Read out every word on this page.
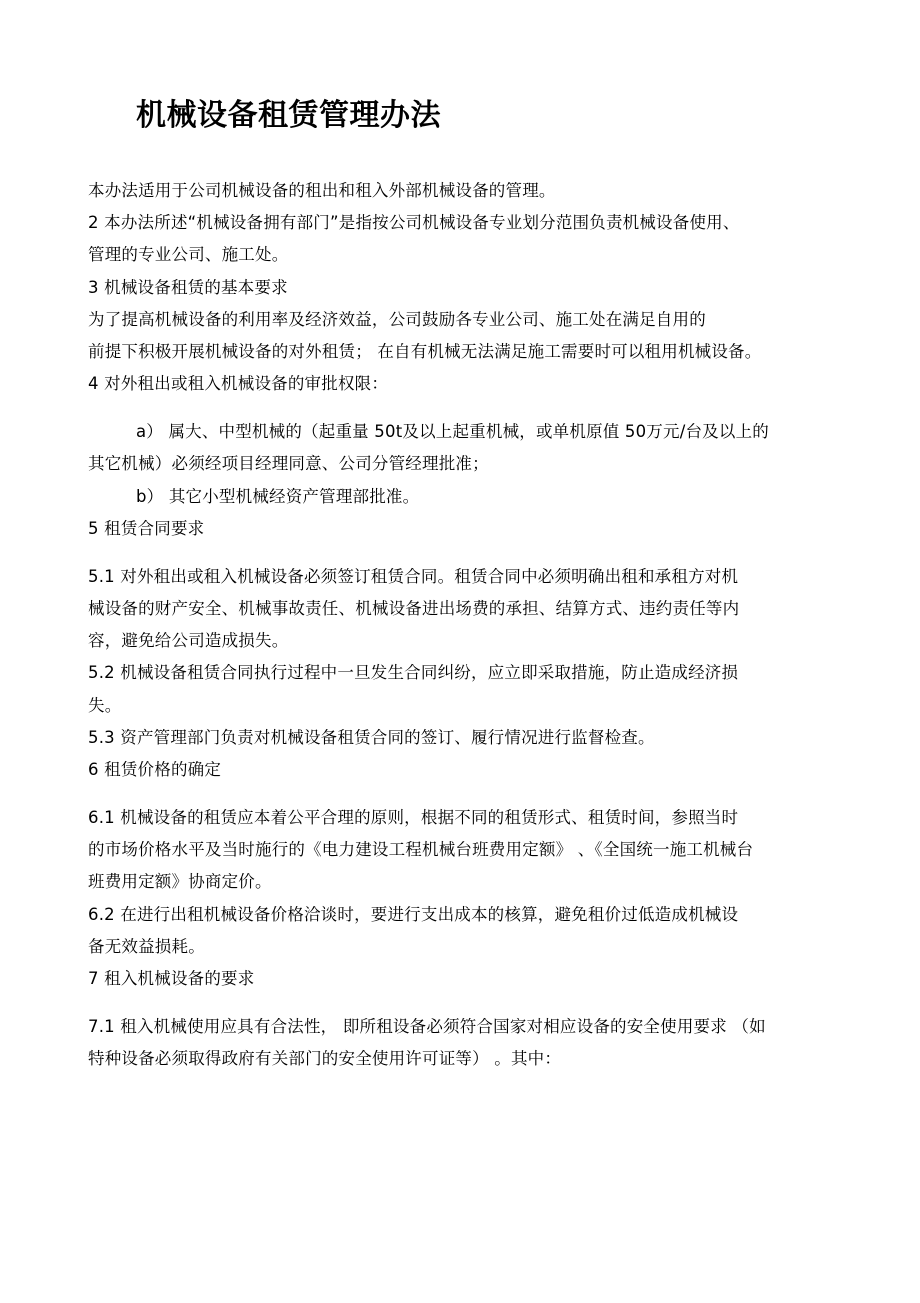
机械设备租赁管理办法

本办法适用于公司机械设备的租出和租入外部机械设备的管理。

2 本办法所述“机械设备拥有部门”是指按公司机械设备专业划分范围负责机械设备使用、

管理的专业公司、施工处。

3 机械设备租赁的基本要求

为了提高机械设备的利用率及经济效益，公司鼓励各专业公司、施工处在满足自用的

前提下积极开展机械设备的对外租赁； 在自有机械无法满足施工需要时可以租用机械设备。

4 对外租出或租入机械设备的审批权限：

a） 属大、中型机械的（起重量 50t及以上起重机械，或单机原值 50万元/台及以上的

其它机械）必须经项目经理同意、公司分管经理批准；

b） 其它小型机械经资产管理部批准。

5 租赁合同要求

5.1 对外租出或租入机械设备必须签订租赁合同。租赁合同中必须明确出租和承租方对机

械设备的财产安全、机械事故责任、机械设备进出场费的承担、结算方式、违约责任等内

容，避免给公司造成损失。

5.2 机械设备租赁合同执行过程中一旦发生合同纠纷，应立即采取措施，防止造成经济损

失。

5.3 资产管理部门负责对机械设备租赁合同的签订、履行情况进行监督检查。

6 租赁价格的确定

6.1 机械设备的租赁应本着公平合理的原则，根据不同的租赁形式、租赁时间，参照当时

的市场价格水平及当时施行的《电力建设工程机械台班费用定额》 、《全国统一施工机械台

班费用定额》协商定价。

6.2 在进行出租机械设备价格洽谈时，要进行支出成本的核算，避免租价过低造成机械设

备无效益损耗。

7 租入机械设备的要求

7.1 租入机械使用应具有合法性， 即所租设备必须符合国家对相应设备的安全使用要求 （如

特种设备必须取得政府有关部门的安全使用许可证等） 。其中：
